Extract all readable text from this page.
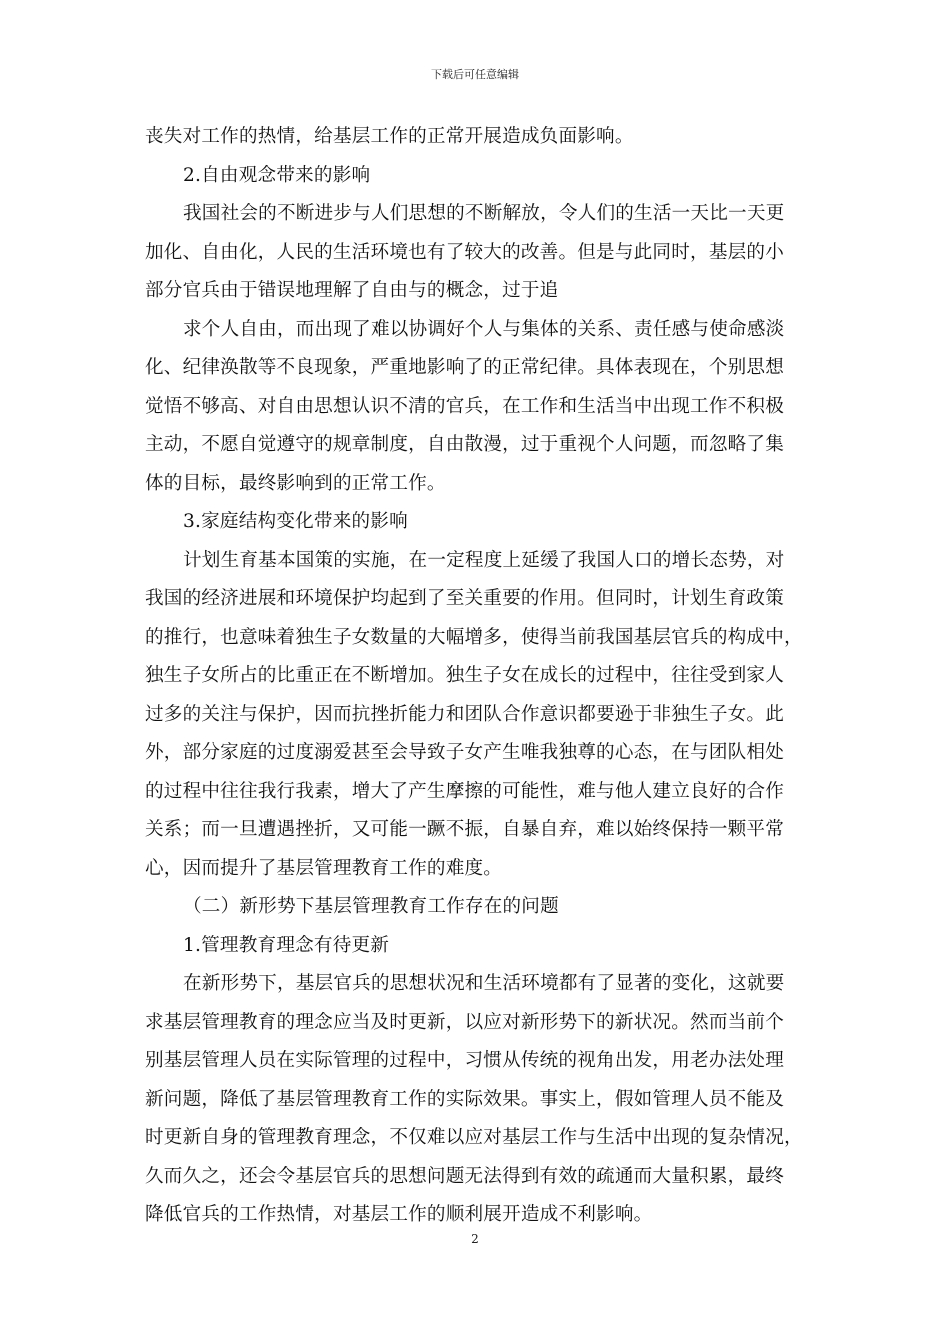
下载后可任意编辑
丧失对工作的热情，给基层工作的正常开展造成负面影响。
2.自由观念带来的影响
我国社会的不断进步与人们思想的不断解放，令人们的生活一天比一天更
加化、自由化，人民的生活环境也有了较大的改善。但是与此同时，基层的小
部分官兵由于错误地理解了自由与的概念，过于追
求个人自由，而出现了难以协调好个人与集体的关系、责任感与使命感淡
化、纪律涣散等不良现象，严重地影响了的正常纪律。具体表现在，个别思想
觉悟不够高、对自由思想认识不清的官兵，在工作和生活当中出现工作不积极
主动，不愿自觉遵守的规章制度，自由散漫，过于重视个人问题，而忽略了集
体的目标，最终影响到的正常工作。
3.家庭结构变化带来的影响
计划生育基本国策的实施，在一定程度上延缓了我国人口的增长态势，对
我国的经济进展和环境保护均起到了至关重要的作用。但同时，计划生育政策
的推行，也意味着独生子女数量的大幅增多，使得当前我国基层官兵的构成中，
独生子女所占的比重正在不断增加。独生子女在成长的过程中，往往受到家人
过多的关注与保护，因而抗挫折能力和团队合作意识都要逊于非独生子女。此
外，部分家庭的过度溺爱甚至会导致子女产生唯我独尊的心态，在与团队相处
的过程中往往我行我素，增大了产生摩擦的可能性，难与他人建立良好的合作
关系；而一旦遭遇挫折，又可能一蹶不振，自暴自弃，难以始终保持一颗平常
心，因而提升了基层管理教育工作的难度。
（二）新形势下基层管理教育工作存在的问题
1.管理教育理念有待更新
在新形势下，基层官兵的思想状况和生活环境都有了显著的变化，这就要
求基层管理教育的理念应当及时更新，以应对新形势下的新状况。然而当前个
别基层管理人员在实际管理的过程中，习惯从传统的视角出发，用老办法处理
新问题，降低了基层管理教育工作的实际效果。事实上，假如管理人员不能及
时更新自身的管理教育理念，不仅难以应对基层工作与生活中出现的复杂情况，
久而久之，还会令基层官兵的思想问题无法得到有效的疏通而大量积累，最终
降低官兵的工作热情，对基层工作的顺利展开造成不利影响。
2
